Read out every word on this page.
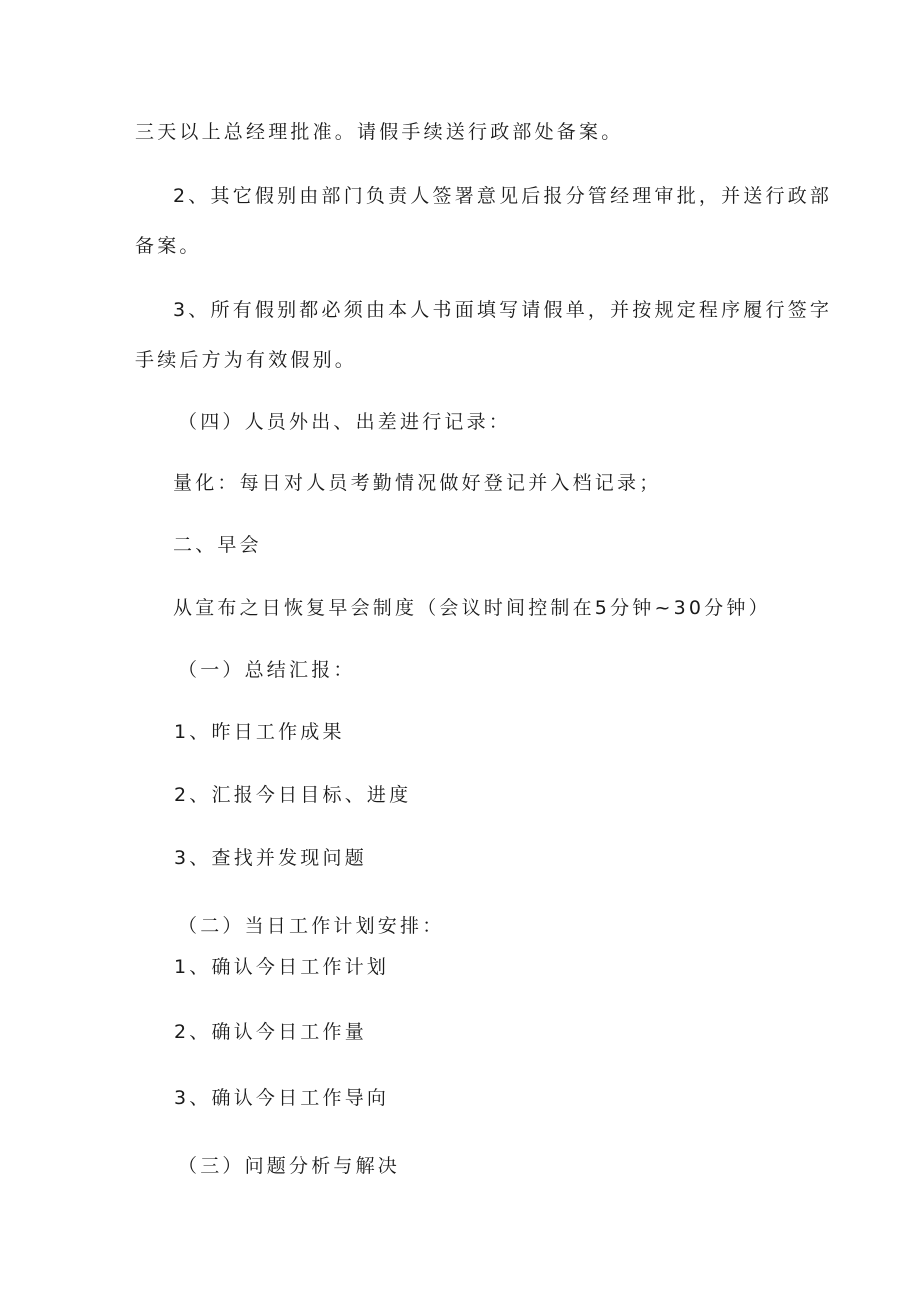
三天以上总经理批准。请假手续送行政部处备案。

2、其它假别由部门负责人签署意见后报分管经理审批，并送行政部

备案。

3、所有假别都必须由本人书面填写请假单，并按规定程序履行签字

手续后方为有效假别。

（四）人员外出、出差进行记录：

量化：每日对人员考勤情况做好登记并入档记录；

二、早会

从宣布之日恢复早会制度（会议时间控制在5分钟~30分钟）

（一）总结汇报：

1、昨日工作成果

2、汇报今日目标、进度

3、查找并发现问题

（二）当日工作计划安排：

1、确认今日工作计划

2、确认今日工作量

3、确认今日工作导向

（三）问题分析与解决
